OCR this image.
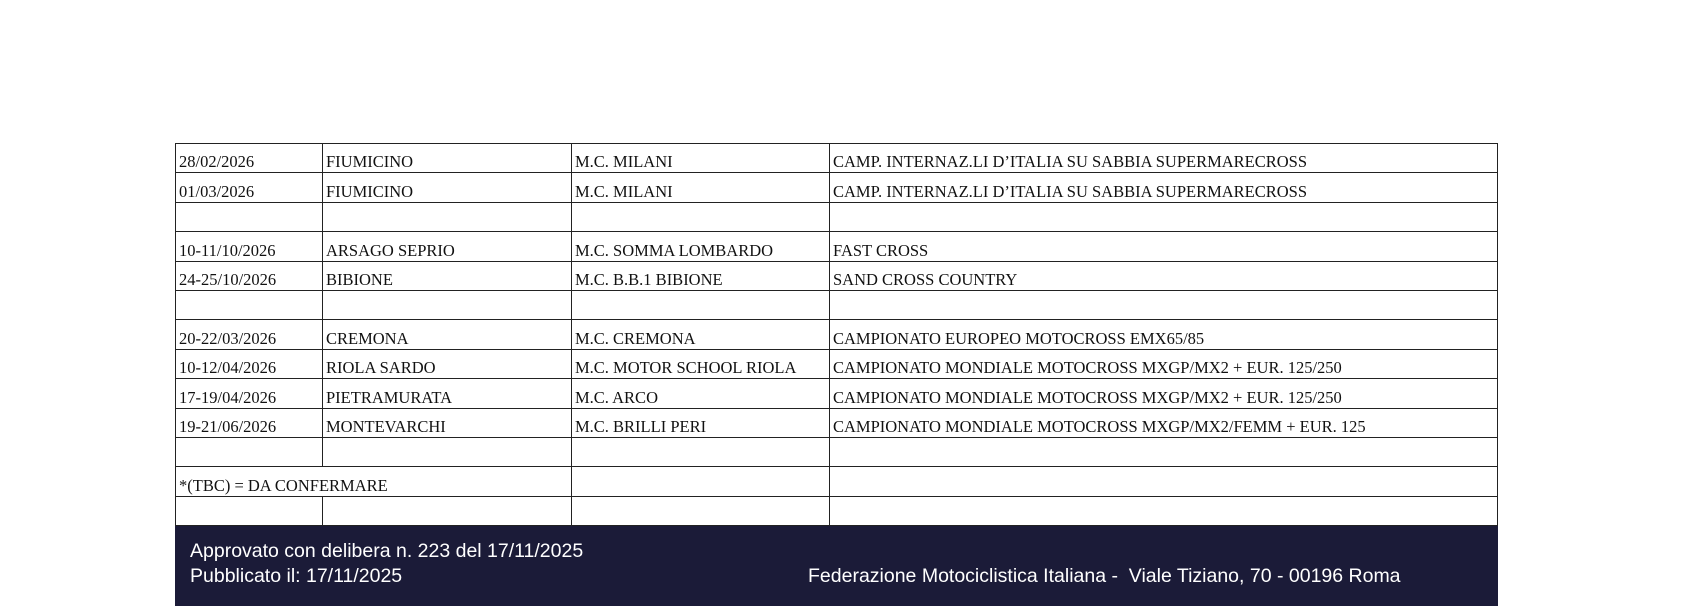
28/02/2026	FIUMICINO	M.C. MILANI	CAMP. INTERNAZ.LI D’ITALIA SU SABBIA SUPERMARECROSS
01/03/2026	FIUMICINO	M.C. MILANI	CAMP. INTERNAZ.LI D’ITALIA SU SABBIA SUPERMARECROSS

10-11/10/2026	ARSAGO SEPRIO	M.C. SOMMA LOMBARDO	FAST CROSS
24-25/10/2026	BIBIONE	M.C. B.B.1 BIBIONE	SAND CROSS COUNTRY

20-22/03/2026	CREMONA	M.C. CREMONA	CAMPIONATO EUROPEO MOTOCROSS EMX65/85
10-12/04/2026	RIOLA SARDO	M.C. MOTOR SCHOOL RIOLA	CAMPIONATO MONDIALE MOTOCROSS MXGP/MX2 + EUR. 125/250
17-19/04/2026	PIETRAMURATA	M.C. ARCO	CAMPIONATO MONDIALE MOTOCROSS MXGP/MX2 + EUR. 125/250
19-21/06/2026	MONTEVARCHI	M.C. BRILLI PERI	CAMPIONATO MONDIALE MOTOCROSS MXGP/MX2/FEMM + EUR. 125

*(TBC) = DA CONFERMARE			

Approvato con delibera n. 223 del 17/11/2025
Pubblicato il: 17/11/2025	Federazione Motociclistica Italiana -  Viale Tiziano, 70 - 00196 Roma
